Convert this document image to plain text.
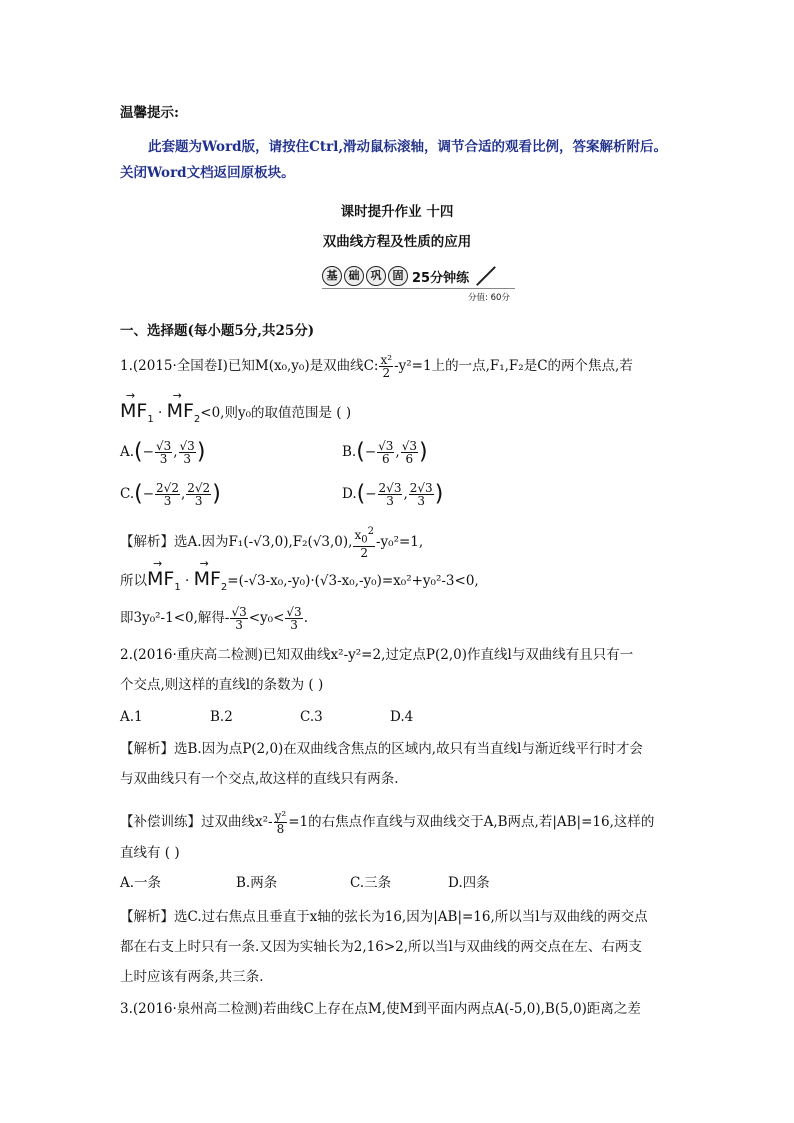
温馨提示:
此套题为Word版，请按住Ctrl,滑动鼠标滚轴，调节合适的观看比例，答案解析附后。
关闭Word文档返回原板块。
课时提升作业 十四
双曲线方程及性质的应用
基	础	巩	固 25分钟练
分值: 60分
一、选择题(每小题5分,共25分)
1.(2015·全国卷Ⅰ)已知M(x₀,y₀)是双曲线C: $\frac{\text{x²}}{2} -y^2=1$上的一点,F₁,F₂是C的两个焦点,若
→ $MF_1$ · → $MF_2<0$,则y₀的取值范围是 ( )
$A.(- \frac{√3}{3}$ , $\frac{√3}{3}$ )	$B.(- \frac{√3}{6}$ , $\frac{√3}{6}$ )
$C.(- \frac{2√2}{3}$ , $\frac{2√2}{3}$ )	$D.(- \frac{2√3}{3}$ , $\frac{2√3}{3}$ )
【解析】选A.因为F₁(-√3,0),F₂(√3,0), $\frac{x_0^2}{2} -y_0^2=1$,
所以→ $MF_1$ · → $MF_2=(-√3-x_0,-y_0)\cdot(√3-x_0,-y_0)=x_0^2+y_0^2-3<0$,
即3y₀²-1<0,解得- $\frac{√3}{3} <y_0< \frac{√3}{3}$ .
2.(2016·重庆高二检测)已知双曲线x²-y²=2,过定点P(2,0)作直线l与双曲线有且只有一
个交点,则这样的直线l的条数为 ( )
A.1	B.2	C.3	D.4
【解析】选B.因为点P(2,0)在双曲线含焦点的区域内,故只有当直线l与渐近线平行时才会
与双曲线只有一个交点,故这样的直线只有两条.
【补偿训练】过双曲线$x^2- \frac{\text{y²}}{8} =1$的右焦点作直线与双曲线交于A,B两点,若|AB|=16,这样的
直线有 ( )
A.一条	B.两条	C.三条	D.四条
【解析】选C.过右焦点且垂直于x轴的弦长为16,因为|AB|=16,所以当l与双曲线的两交点
都在右支上时只有一条.又因为实轴长为2,16>2,所以当l与双曲线的两交点在左、右两支
上时应该有两条,共三条.
3.(2016·泉州高二检测)若曲线C上存在点M,使M到平面内两点A(-5,0),B(5,0)距离之差
